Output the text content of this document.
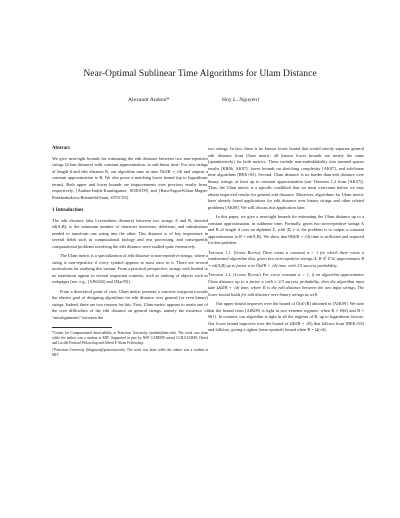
Near-Optimal Sublinear Time Algorithms for Ulam Distance
Alexandr Andoni*	Huy L. Nguyen†
Abstract

We give near-tight bounds for estimating the edit distance between two non-repetitive strings (Ulam distance) with constant approximation, in sub-linear time. For two strings of length d and edit distance R, our algorithm runs in time Õ(d/R + √d) and outputs a constant approximation to R. We also prove a matching lower bound (up to logarithmic terms). Both upper and lower bounds are improvements over previous results from, respectively, [Andoni-Indyk-Krauthgamer, SODA'09] and [Batu-Ergun-Kilian-Magen-Raskhodnikova-Rubinfeld-Sami, STOC'03].

1 Introduction

The edit distance (aka Levenshtein distance) between two strings A and B, denoted ed(A,B), is the minimum number of character insertions, deletions, and substitutions needed to transform one string into the other. This distance is of key importance in several fields such as computational biology and text processing, and consequently computational problems involving the edit distance were studied quite extensively.

The Ulam metric is a specialization of edit distance to non-repetitive strings, where a string is non-repetitive if every symbol appears at most once in it. There are several motivations for studying this variant. From a practical perspective, strings with limited or no repetitions appear in several important contexts, such as ranking of objects such as webpages (see, e.g., [AJKS02] and [Mar95]).

From a theoretical point of view, Ulam metric presents a concrete waypoint towards the elusive goal of designing algorithms for edit distance over general (or even binary) strings. Indeed, there are two reasons for this. First, Ulam metric appears to retain one of the core difficulties of the edit distance on general strings, namely the existence of “misalignments” between the

*Center for Computational Intractability at Princeton University (andoni@mit.edu). The work was done while the author was a student at MIT. Supported in part by NSF CAREER award CCR-0133849, David and Lucille Packard Fellowship and Alfred P. Sloan Fellowship.

†Princeton University (hlnguyen@princeton.edu). The work was done while the author was a student at MIT.

two strings. In fact, there is no known lower bound that would strictly separate general edit distance from Ulam metric: all known lower bounds are nearly the same (quantitatively) for both metrics. These include non-embeddability into normed spaces results [KR06, AK07], lower bounds on sketching complexity [AK07], and sub-linear time algorithms [BEK+03]. Second, Ulam distance is no harder than edit distance over binary strings, at least up to constant approximation (see Theorem 1.2 from [AK07]). Thus, the Ulam metric is a specific roadblock that we must overcome before we may obtain improved results for general edit distance. Moreover, algorithms for Ulam metric have already found applications for edit distance over binary strings and other related problems [AK08]. We will discuss this application later.

In this paper, we give a near-tight bounds for estimating the Ulam distance up to a constant approximation, in sublinear time. Formally, given two non-repetitive strings A and B of length d over an alphabet Σ, with |Σ| ≥ d, the problem is to output a constant approximation to R = ed(A,B). We show that Θ̃(d/R + √d) time is sufficient and required for this problem.

Theorem 1.1. (Upper Bound) There exists a constant α > 1 for which there exists a randomized algorithm that, given two non-repetitive strings A, B ∈ Σ^d, approximates R = ed(A,B) up to factor α in Õ(d/R + √d) time, with 2/3 success probability.

Theorem 1.2. (Lower Bound) For every constant α > 1, if an algorithm approximates Ulam distance up to a factor α with ≥ 2/3 success probability, then the algorithm must take Ω(d/R + √d) time, where R is the edit distance between the two input strings. The lower bound holds for edit distance over binary strings as well.

Our upper bound improves over the bound of Õ(d/√R) obtained in [AIK09]. We note that the bound from [AIK09] is tight in two extreme regimes: when R ≈ Θ(d) and R ≈ Θ(1). In contrast, our algorithm is tight in all the regimes of R, up to logarithmic factors. Our lower bound improves over the bound of Ω̃(d/R + √R) that follows from [BEK+03] and folklore, giving a tighter (near-optimal) bound when R = Ω(√d).
